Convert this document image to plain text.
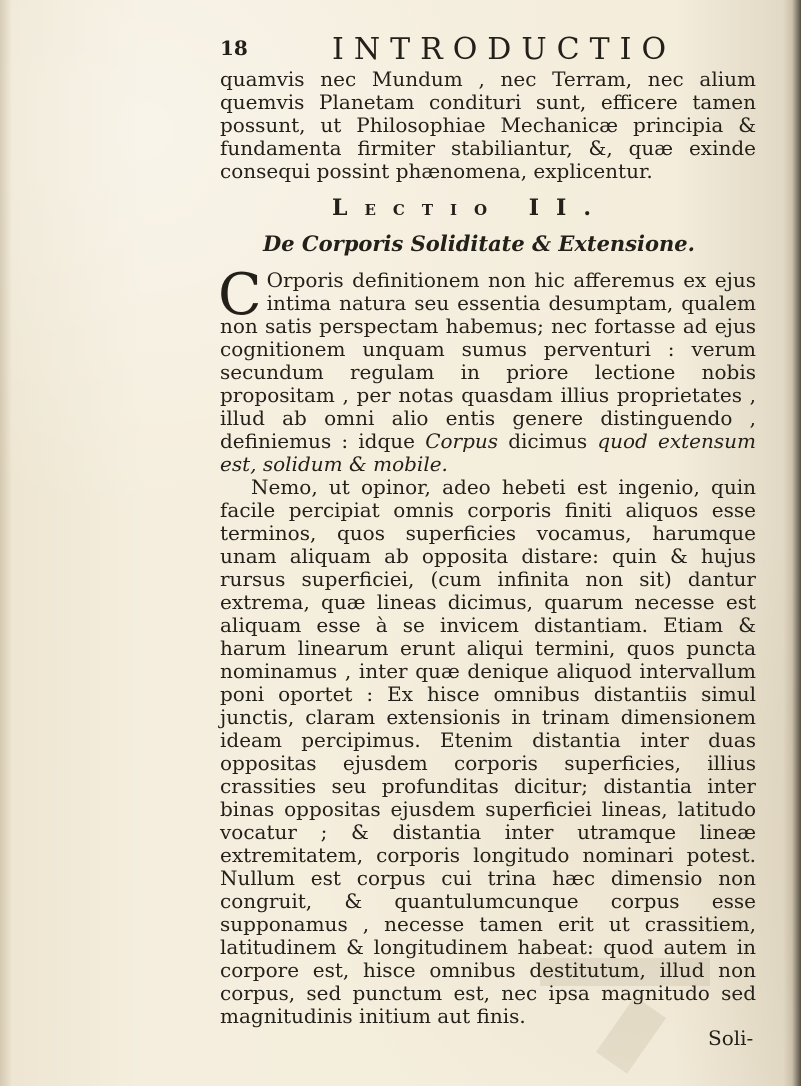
18	INTRODUCTIO

quamvis nec Mundum , nec Terram, nec alium quemvis Planetam condituri sunt, efficere tamen possunt, ut Philosophiae Mechanicæ principia & fundamenta firmiter stabiliantur, &, quæ exinde consequi possint phænomena, explicentur.

Lectio II.
De Corporis Soliditate & Extensione.

C Orporis definitionem non hic afferemus ex ejus intima natura seu essentia desumptam, qualem non satis perspectam habemus; nec fortasse ad ejus cognitionem unquam sumus perventuri : verum secundum regulam in priore lectione nobis propositam , per notas quasdam illius proprietates , illud ab omni alio entis genere distinguendo , definiemus : idque Corpus dicimus quod extensum est, solidum & mobile.

Nemo, ut opinor, adeo hebeti est ingenio, quin facile percipiat omnis corporis finiti aliquos esse terminos, quos superficies vocamus, harumque unam aliquam ab opposita distare: quin & hujus rursus superficiei, (cum infinita non sit) dantur extrema, quæ lineas dicimus, quarum necesse est aliquam esse à se invicem distantiam. Etiam & harum linearum erunt aliqui termini, quos puncta nominamus , inter quæ denique aliquod intervallum poni oportet : Ex hisce omnibus distantiis simul junctis, claram extensionis in trinam dimensionem ideam percipimus. Etenim distantia inter duas oppositas ejusdem corporis superficies, illius crassities seu profunditas dicitur; distantia inter binas oppositas ejusdem superficiei lineas, latitudo vocatur ; & distantia inter utramque lineæ extremitatem, corporis longitudo nominari potest. Nullum est corpus cui trina hæc dimensio non congruit, & quantulumcunque corpus esse supponamus , necesse tamen erit ut crassitiem, latitudinem & longitudinem habeat: quod autem in corpore est, hisce omnibus destitutum, illud non corpus, sed punctum est, nec ipsa magnitudo sed magnitudinis initium aut finis.

Soli-
